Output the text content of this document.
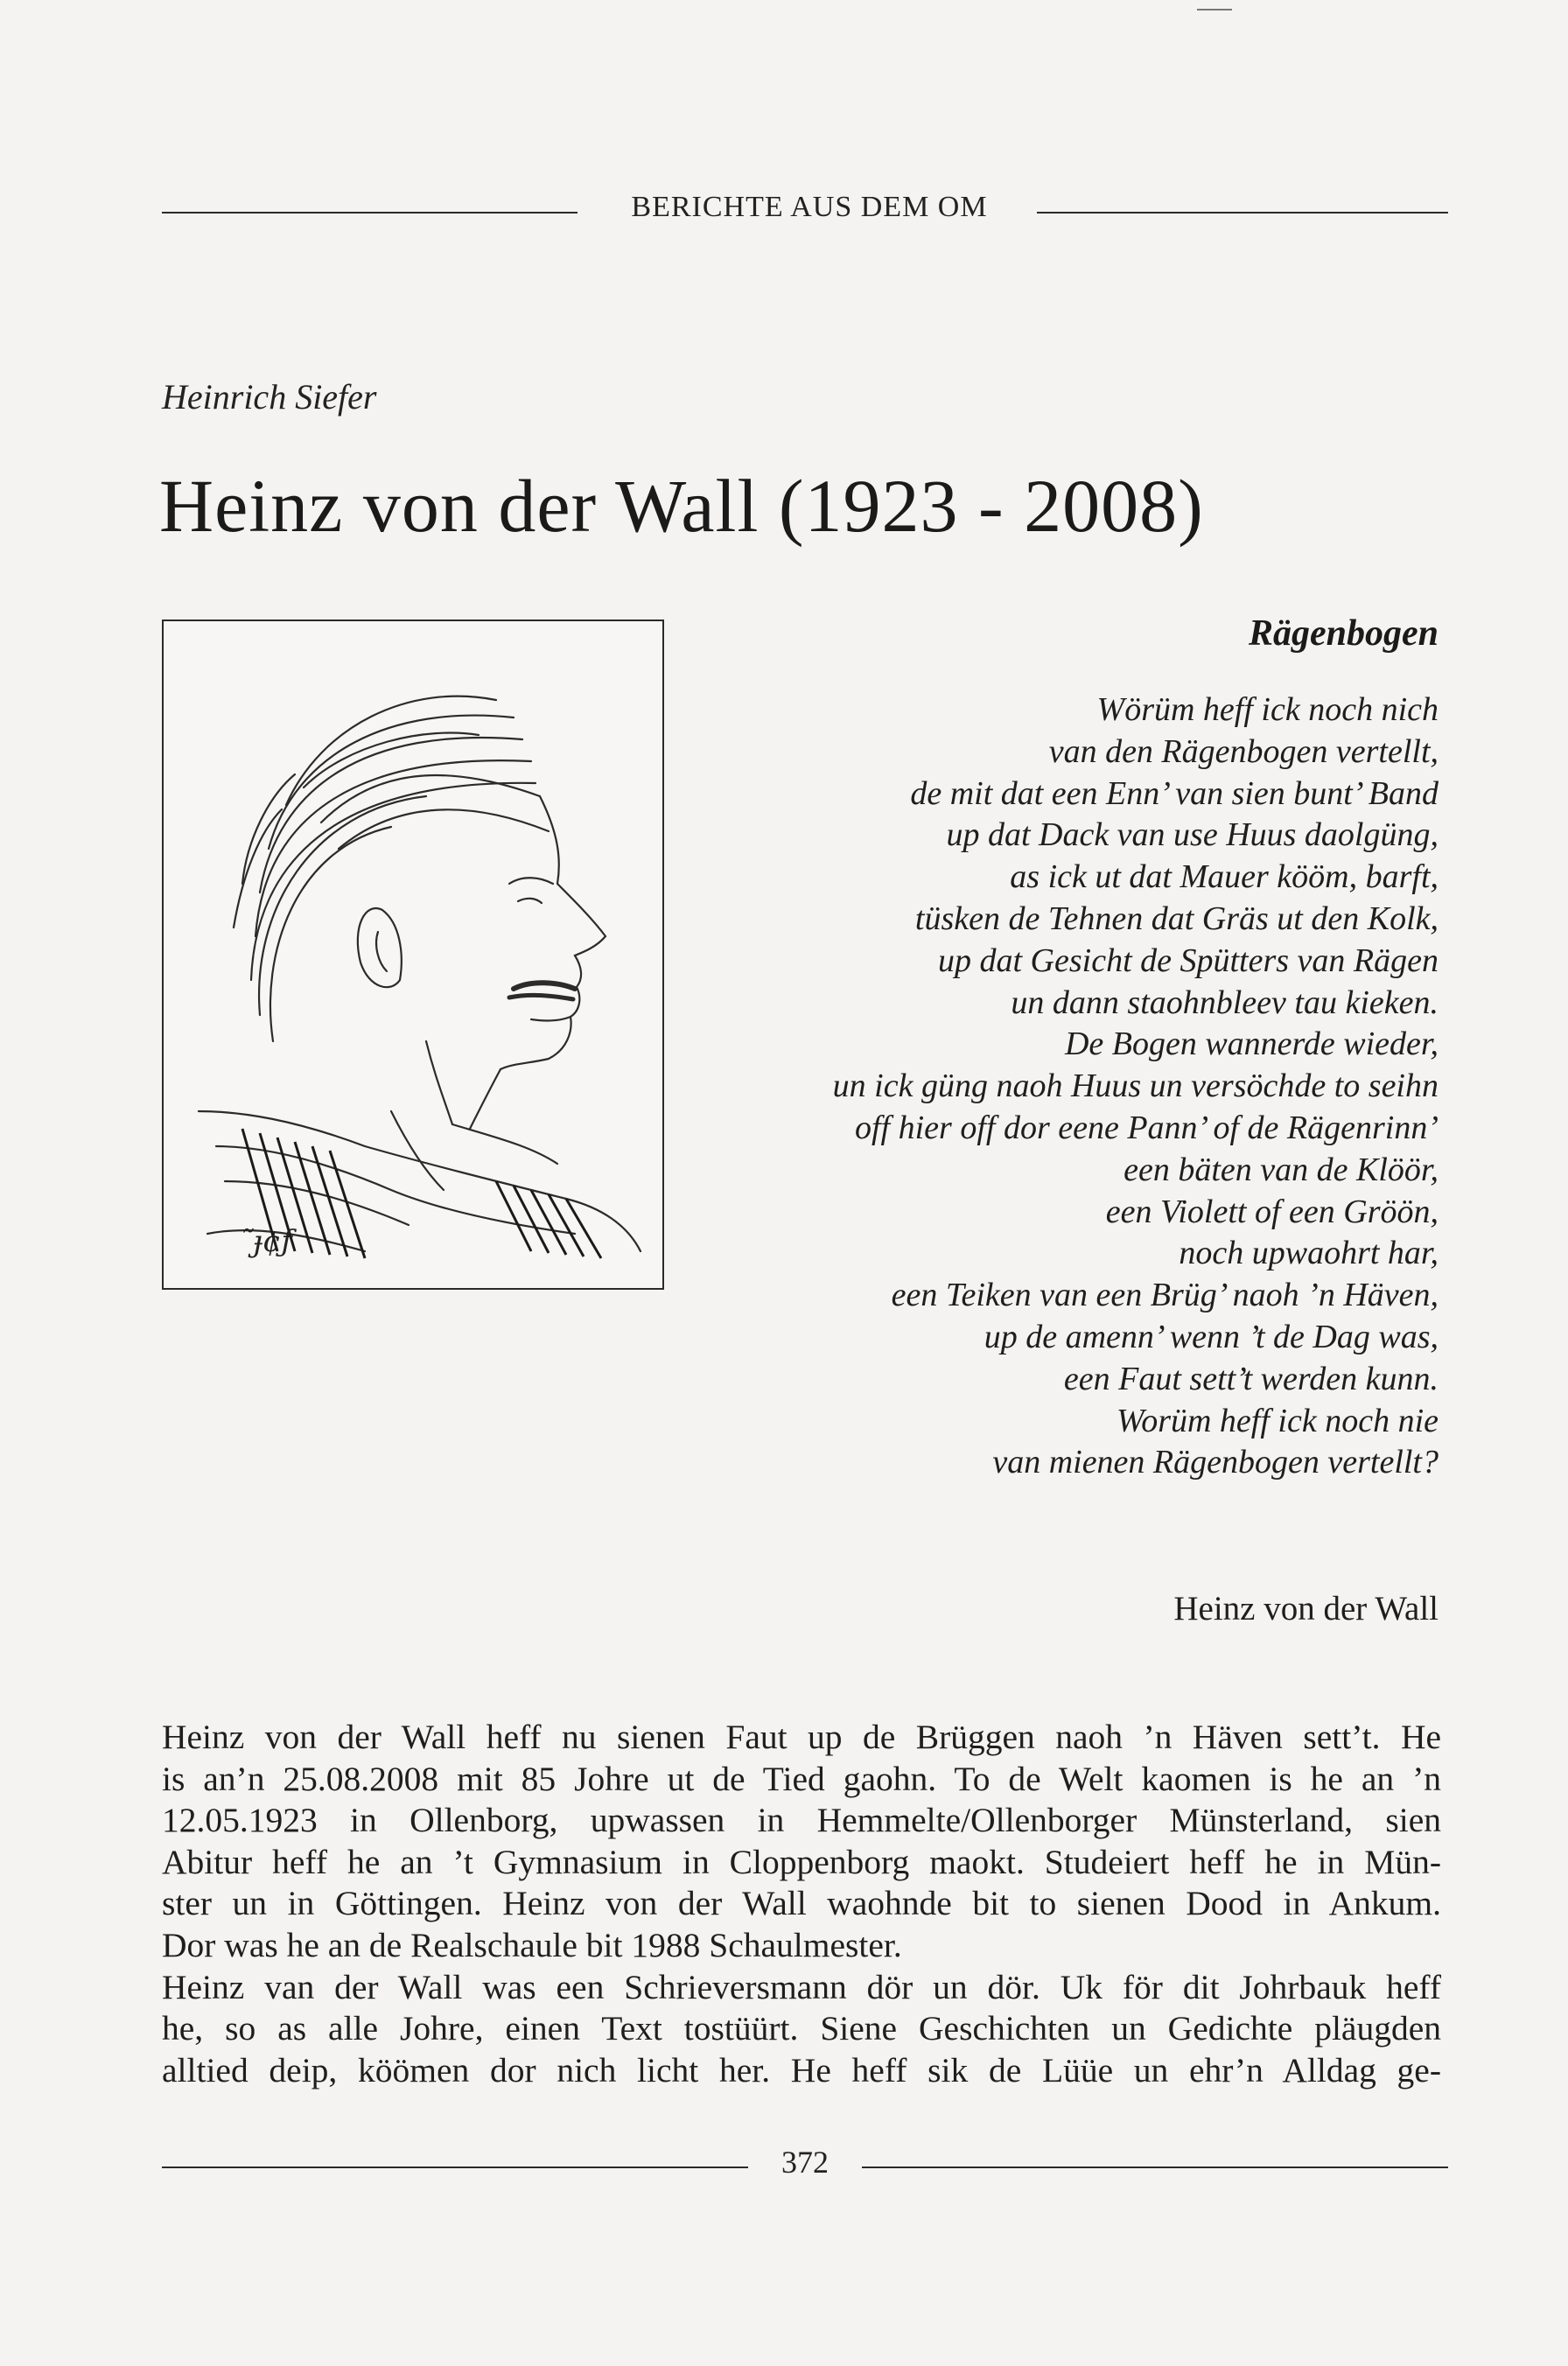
BERICHTE AUS DEM OM
Heinrich Siefer
Heinz von der Wall (1923 - 2008)
˜ɟ¢ƒ
Rägenbogen
Wörüm heff ick noch nich
van den Rägenbogen vertellt,
de mit dat een Enn’ van sien bunt’ Band
up dat Dack van use Huus daolgüng,
as ick ut dat Mauer kööm, barft,
tüsken de Tehnen dat Gräs ut den Kolk,
up dat Gesicht de Spütters van Rägen
un dann staohnbleev tau kieken.
De Bogen wannerde wieder,
un ick güng naoh Huus un versöchde to seihn
off hier off dor eene Pann’ of de Rägenrinn’
een bäten van de Klöör,
een Violett of een Gröön,
noch upwaohrt har,
een Teiken van een Brüg’ naoh ’n Häven,
up de amenn’ wenn ’t de Dag was,
een Faut sett’t werden kunn.
Worüm heff ick noch nie
van mienen Rägenbogen vertellt?
Heinz von der Wall
Heinz von der Wall heff nu sienen Faut up de Brüggen naoh ’n Häven sett’t. He
is an’n 25.08.2008 mit 85 Johre ut de Tied gaohn. To de Welt kaomen is he an ’n
12.05.1923 in Ollenborg, upwassen in Hemmelte/Ollenborger Münsterland, sien
Abitur heff he an ’t Gymnasium in Cloppenborg maokt. Studeiert heff he in Mün-
ster un in Göttingen. Heinz von der Wall waohnde bit to sienen Dood in Ankum.
Dor was he an de Realschaule bit 1988 Schaulmester.
Heinz van der Wall was een Schrieversmann dör un dör. Uk för dit Johrbauk heff
he, so as alle Johre, einen Text tostüürt. Siene Geschichten un Gedichte pläugden
alltied deip, köömen dor nich licht her. He heff sik de Lüüe un ehr’n Alldag ge-
372
